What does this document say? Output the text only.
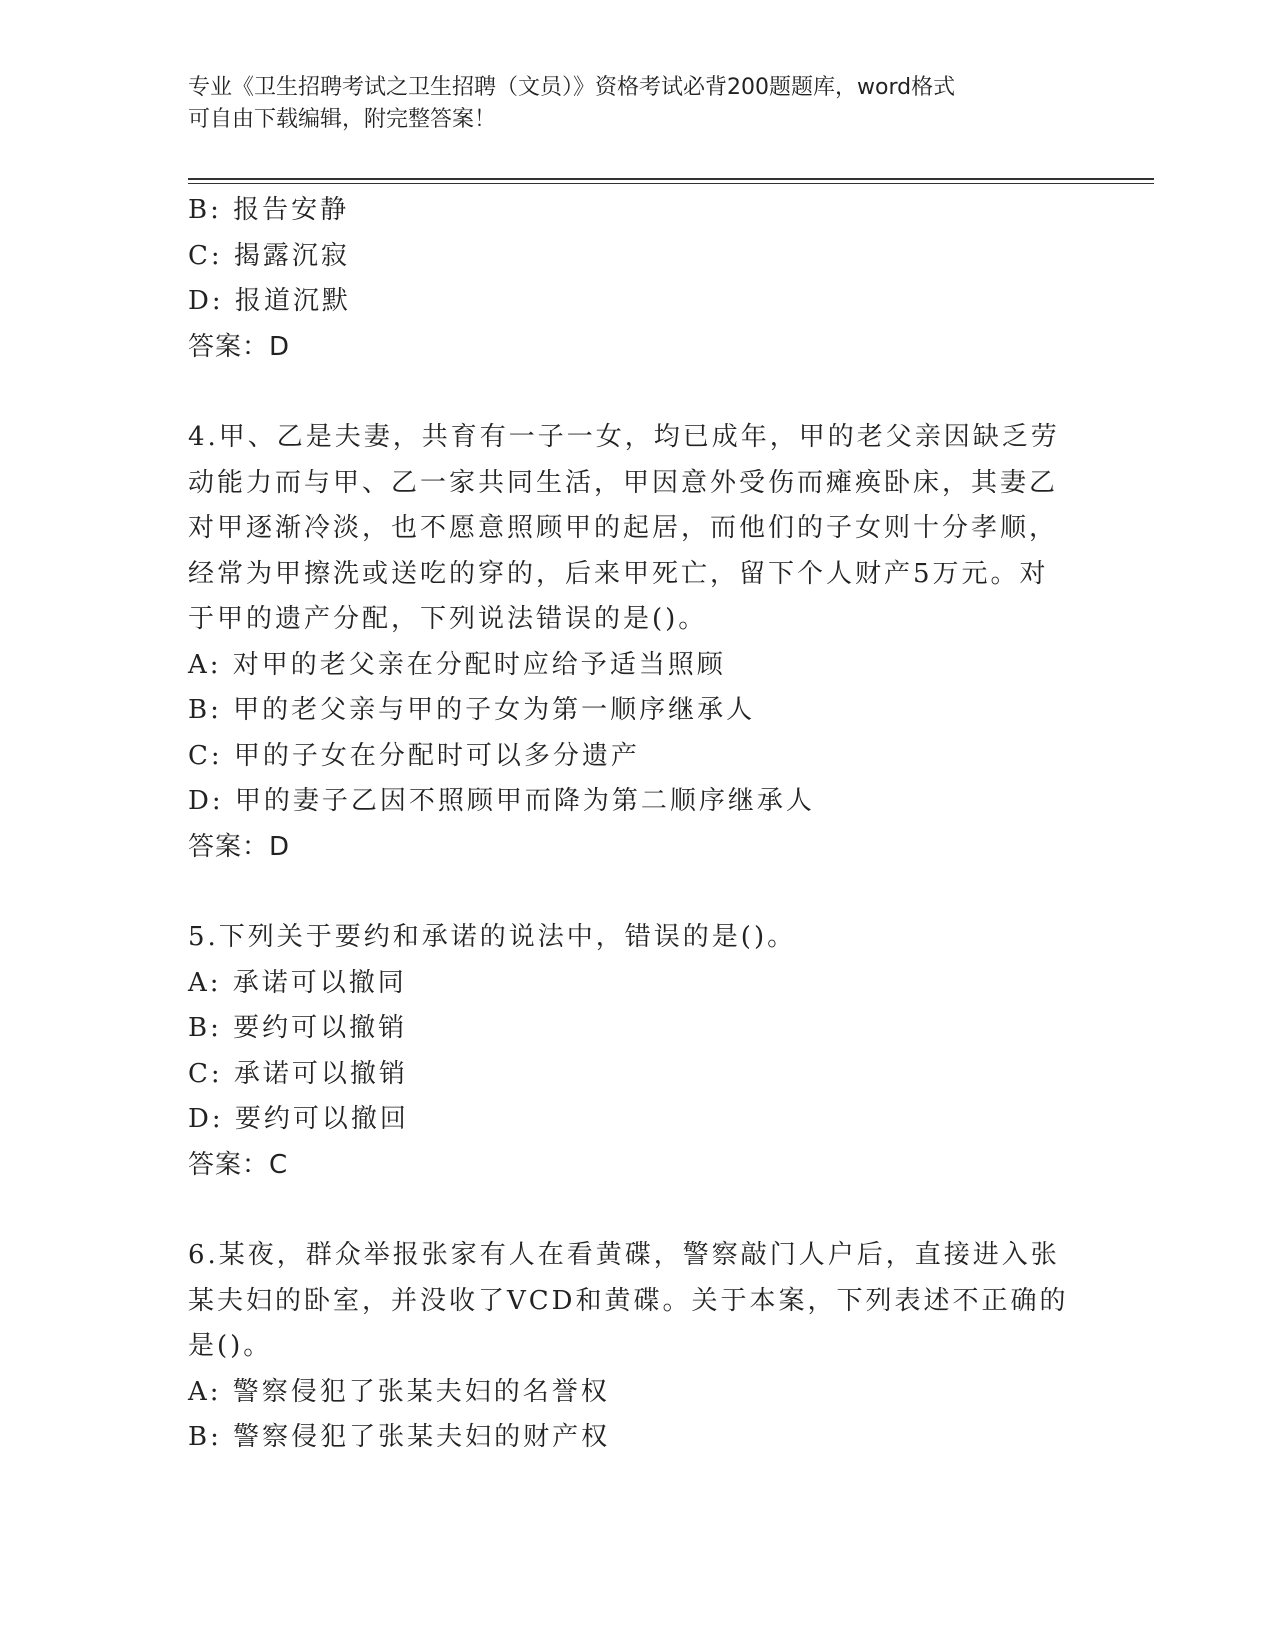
专业《卫生招聘考试之卫生招聘（文员）》资格考试必背200题题库，word格式
可自由下载编辑，附完整答案！
B: 报告安静
C: 揭露沉寂
D: 报道沉默
答案：D
4.甲、乙是夫妻，共育有一子一女，均已成年，甲的老父亲因缺乏劳
动能力而与甲、乙一家共同生活，甲因意外受伤而瘫痪卧床，其妻乙
对甲逐渐冷淡，也不愿意照顾甲的起居，而他们的子女则十分孝顺，
经常为甲擦洗或送吃的穿的，后来甲死亡，留下个人财产5万元。对
于甲的遗产分配，下列说法错误的是()。
A: 对甲的老父亲在分配时应给予适当照顾
B: 甲的老父亲与甲的子女为第一顺序继承人
C: 甲的子女在分配时可以多分遗产
D: 甲的妻子乙因不照顾甲而降为第二顺序继承人
答案：D
5.下列关于要约和承诺的说法中，错误的是()。
A: 承诺可以撤同
B: 要约可以撤销
C: 承诺可以撤销
D: 要约可以撤回
答案：C
6.某夜，群众举报张家有人在看黄碟，警察敲门人户后，直接进入张
某夫妇的卧室，并没收了VCD和黄碟。关于本案，下列表述不正确的
是()。
A: 警察侵犯了张某夫妇的名誉权
B: 警察侵犯了张某夫妇的财产权
